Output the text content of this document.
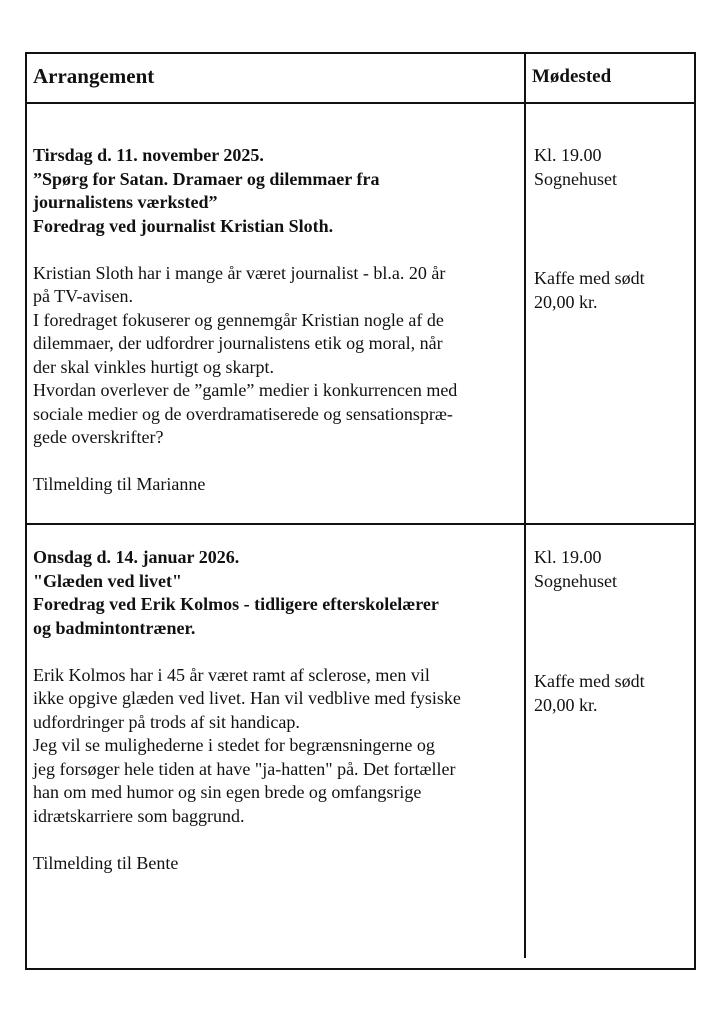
Arrangement	Mødested
Tirsdag d. 11. november 2025.
”Spørg for Satan. Dramaer og dilemmaer fra
journalistens værksted”
Foredrag ved journalist Kristian Sloth.
Kristian Sloth har i mange år været journalist - bl.a. 20 år
på TV-avisen.
I foredraget fokuserer og gennemgår Kristian nogle af de
dilemmaer, der udfordrer journalistens etik og moral, når
der skal vinkles hurtigt og skarpt.
Hvordan overlever de ”gamle” medier i konkurrencen med
sociale medier og de overdramatiserede og sensationspræ-
gede overskrifter?
Tilmelding til Marianne
Kl. 19.00
Sognehuset
Kaffe med sødt
20,00 kr.
Onsdag d. 14. januar 2026.
"Glæden ved livet"
Foredrag ved Erik Kolmos - tidligere efterskolelærer
og badmintontræner.
Erik Kolmos har i 45 år været ramt af sclerose, men vil
ikke opgive glæden ved livet. Han vil vedblive med fysiske
udfordringer på trods af sit handicap.
Jeg vil se mulighederne i stedet for begrænsningerne og
jeg forsøger hele tiden at have "ja-hatten" på. Det fortæller
han om med humor og sin egen brede og omfangsrige
idrætskarriere som baggrund.
Tilmelding til Bente
Kl. 19.00
Sognehuset
Kaffe med sødt
20,00 kr.
